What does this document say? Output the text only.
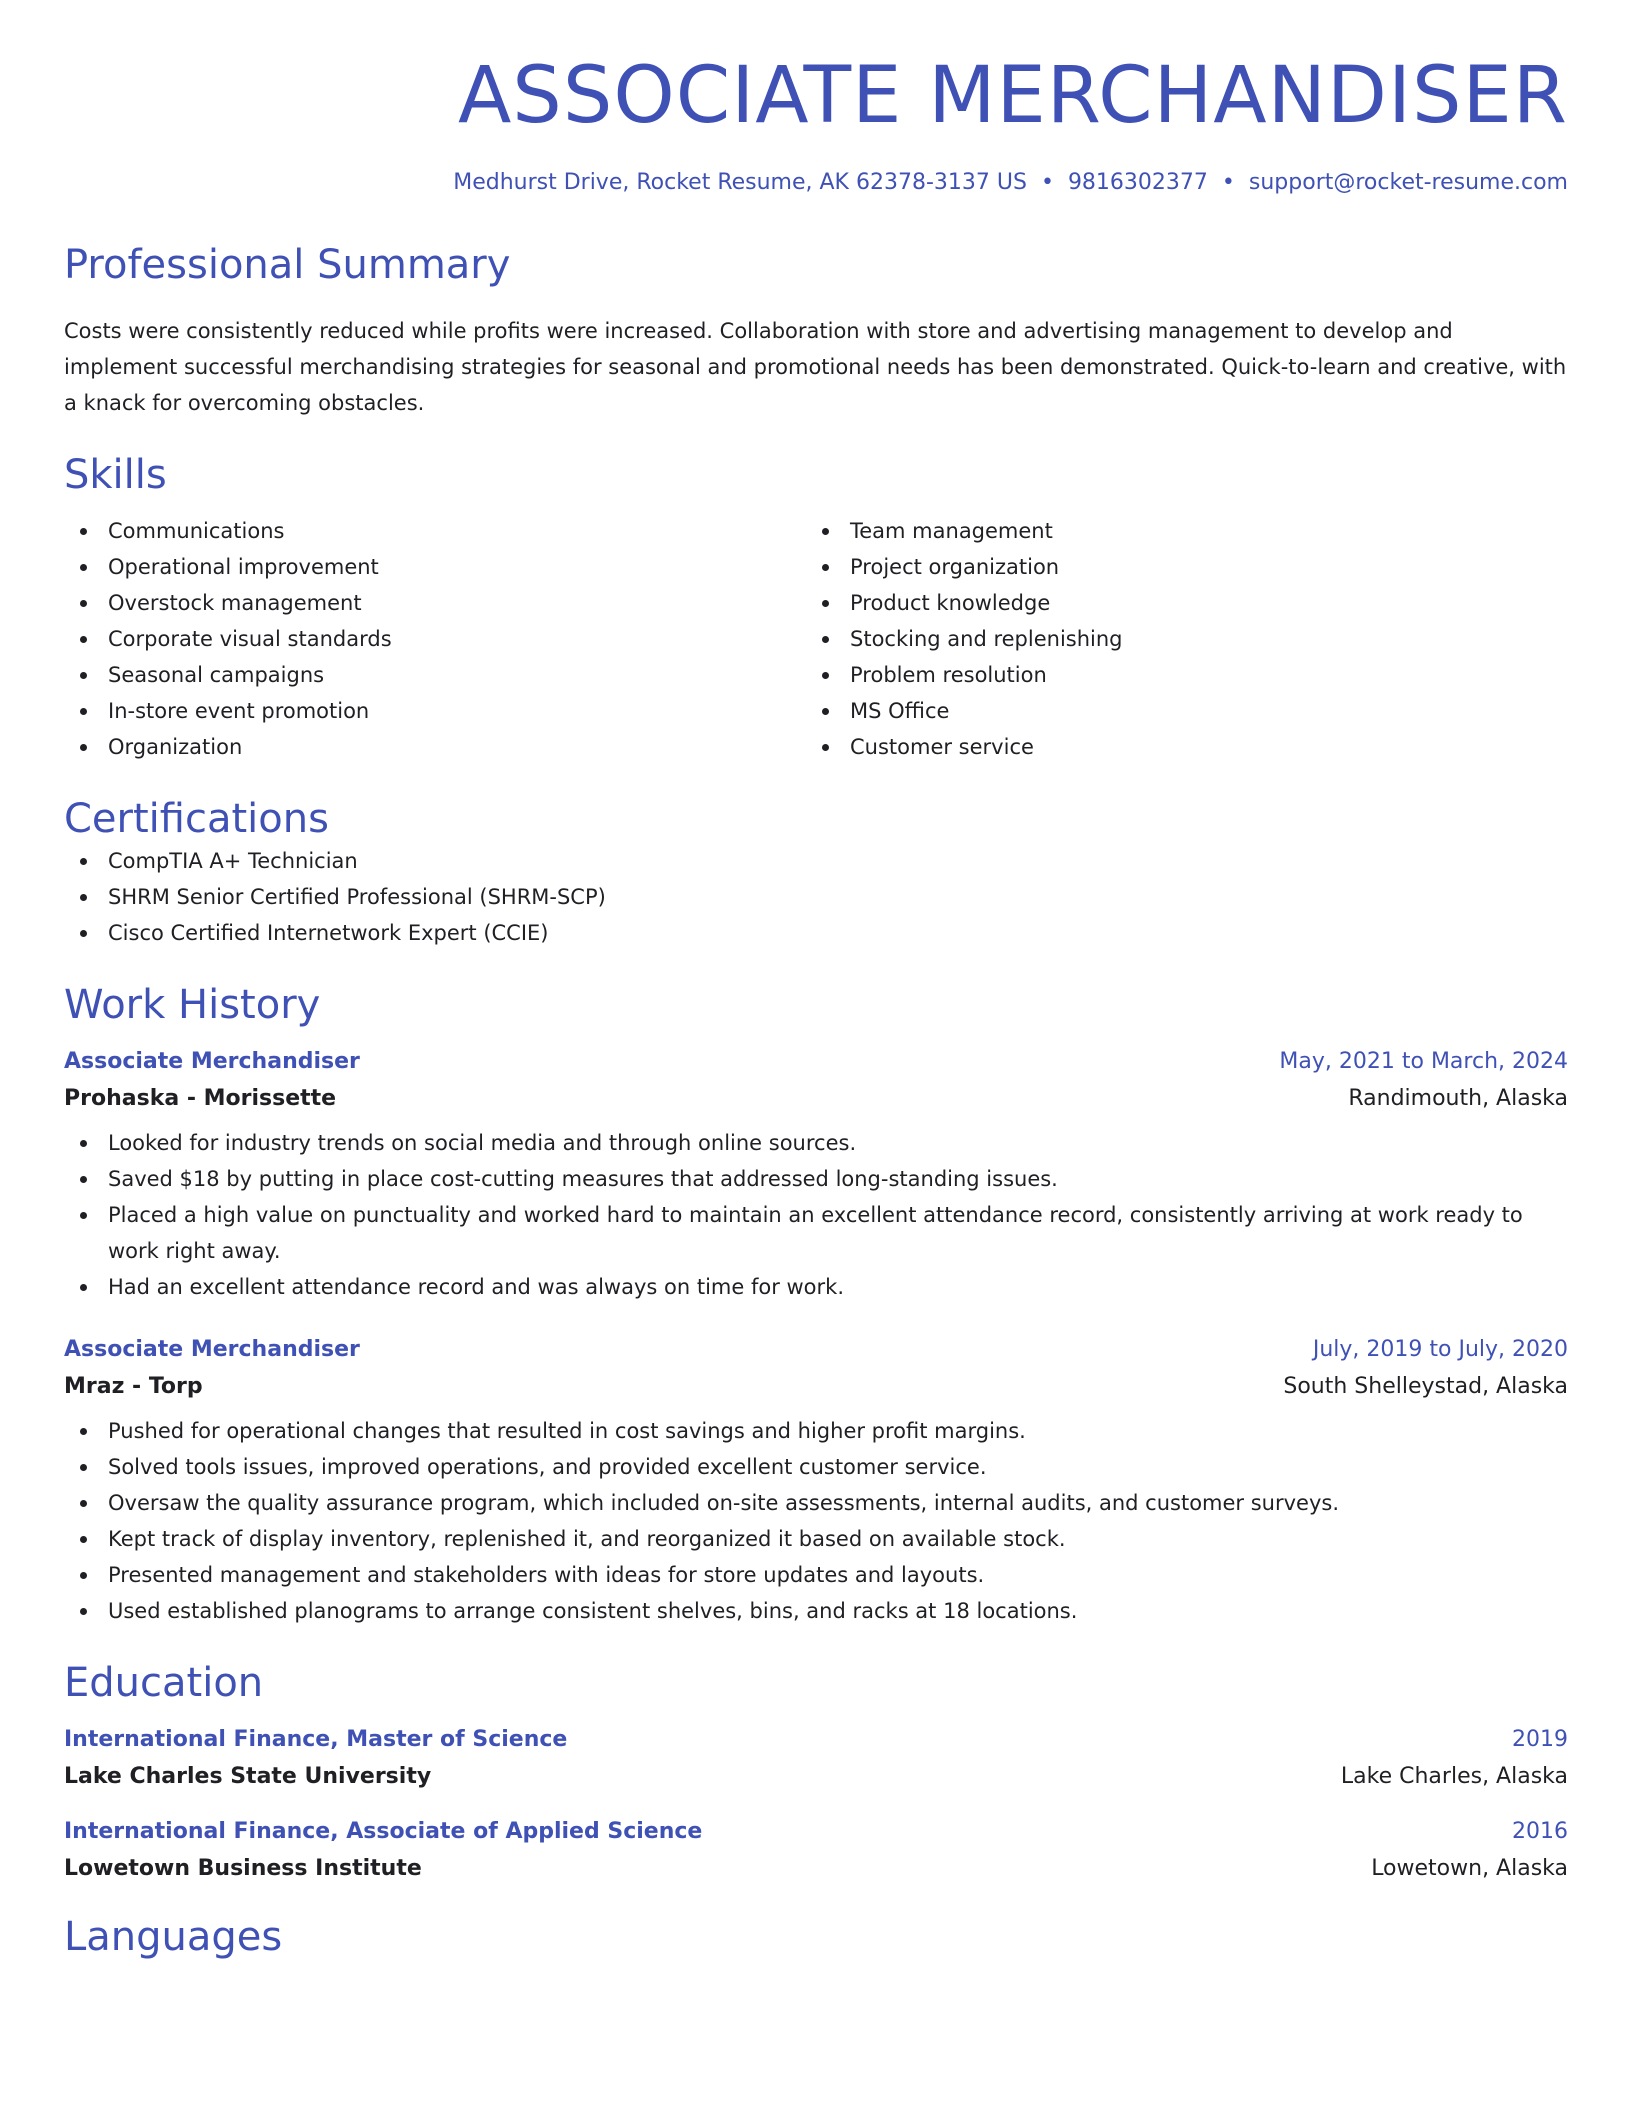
ASSOCIATE MERCHANDISER
Medhurst Drive, Rocket Resume, AK 62378-3137 US • 9816302377 • support@rocket-resume.com
Professional Summary

Costs were consistently reduced while profits were increased. Collaboration with store and advertising management to develop and implement successful merchandising strategies for seasonal and promotional needs has been demonstrated. Quick-to-learn and creative, with a knack for overcoming obstacles.

Skills
Communications
Operational improvement
Overstock management
Corporate visual standards
Seasonal campaigns
In-store event promotion
Organization
Team management
Project organization
Product knowledge
Stocking and replenishing
Problem resolution
MS Office
Customer service
Certifications
CompTIA A+ Technician
SHRM Senior Certified Professional (SHRM-SCP)
Cisco Certified Internetwork Expert (CCIE)
Work History
Associate Merchandiser	May, 2021 to March, 2024
Prohaska - Morissette	Randimouth, Alaska
Looked for industry trends on social media and through online sources.
Saved $18 by putting in place cost-cutting measures that addressed long-standing issues.
Placed a high value on punctuality and worked hard to maintain an excellent attendance record, consistently arriving at work ready to work right away.
Had an excellent attendance record and was always on time for work.
Associate Merchandiser	July, 2019 to July, 2020
Mraz - Torp	South Shelleystad, Alaska
Pushed for operational changes that resulted in cost savings and higher profit margins.
Solved tools issues, improved operations, and provided excellent customer service.
Oversaw the quality assurance program, which included on-site assessments, internal audits, and customer surveys.
Kept track of display inventory, replenished it, and reorganized it based on available stock.
Presented management and stakeholders with ideas for store updates and layouts.
Used established planograms to arrange consistent shelves, bins, and racks at 18 locations.
Education
International Finance, Master of Science	2019
Lake Charles State University	Lake Charles, Alaska
International Finance, Associate of Applied Science	2016
Lowetown Business Institute	Lowetown, Alaska
Languages
